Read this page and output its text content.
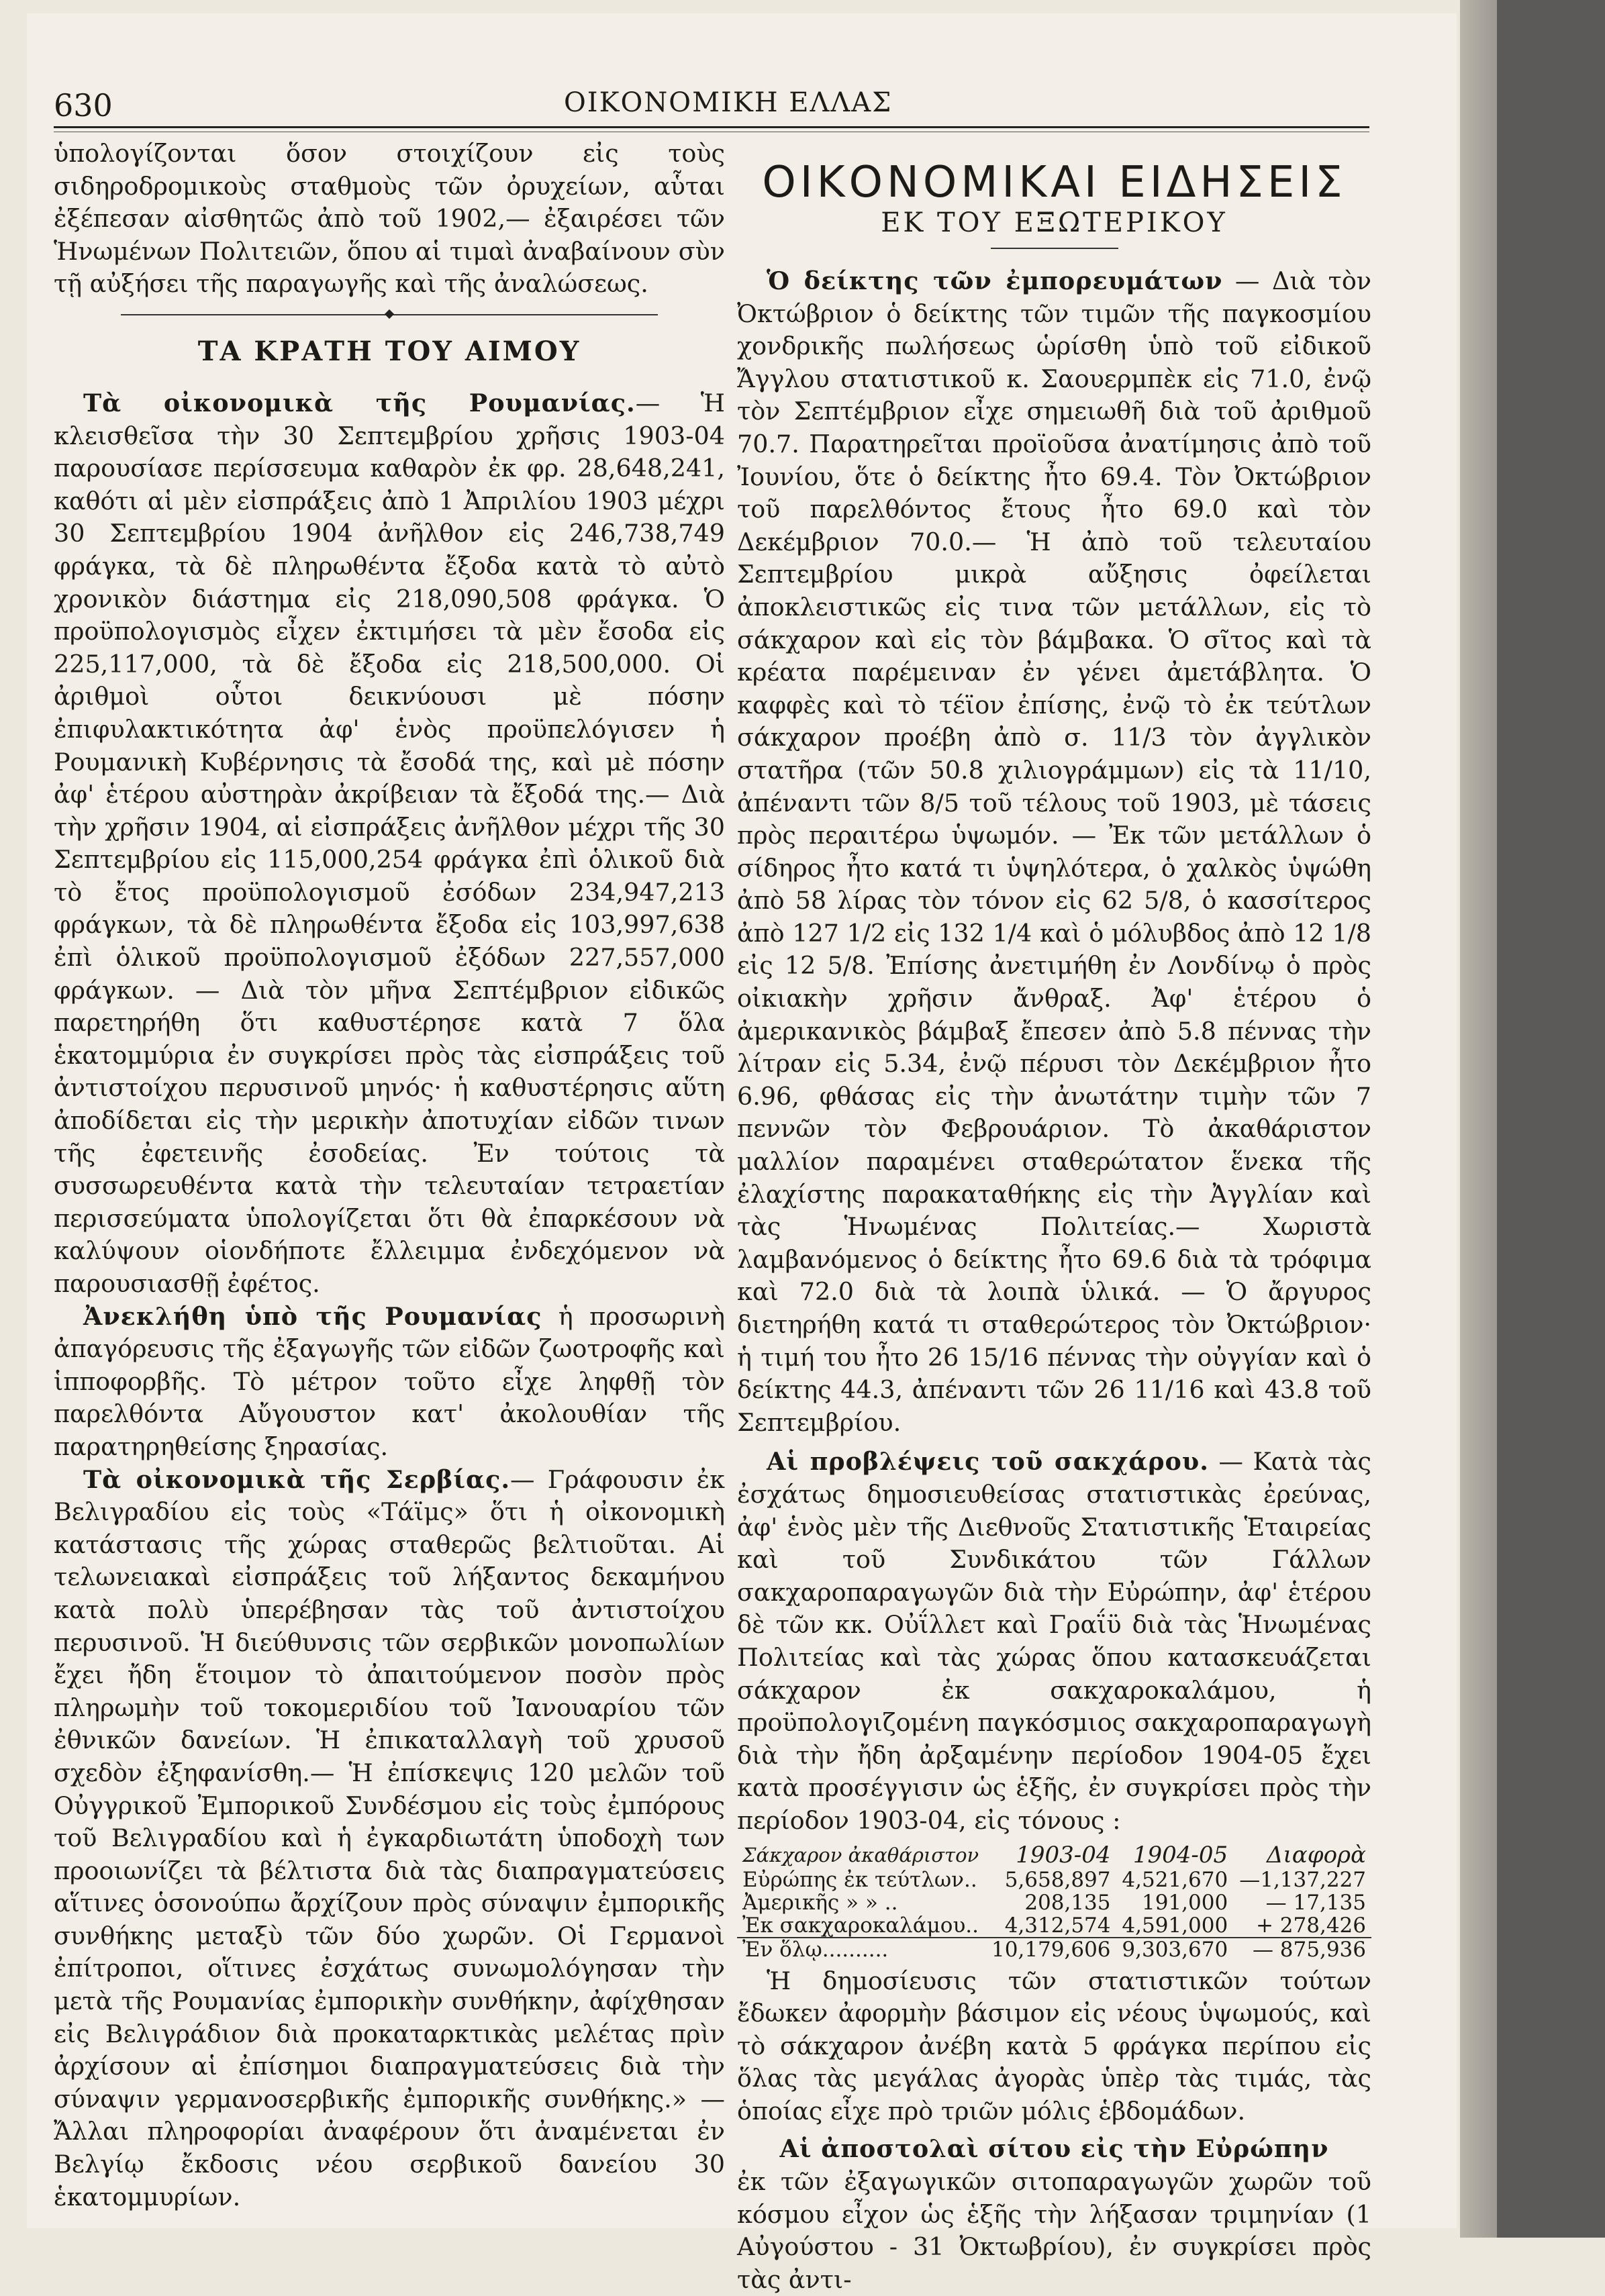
630	ΟΙΚΟΝΟΜΙΚΗ ΕΛΛΑΣ

ὑπολογίζονται ὅσον στοιχίζουν εἰς τοὺς σιδηροδρομικοὺς σταθμοὺς τῶν ὀρυχείων, αὗται ἐξέπεσαν αἰσθητῶς ἀπὸ τοῦ 1902,— ἐξαιρέσει τῶν Ἡνωμένων Πολιτειῶν, ὅπου αἱ τιμαὶ ἀναβαίνουν σὺν τῇ αὐξήσει τῆς παραγωγῆς καὶ τῆς ἀναλώσεως.

ΤΑ ΚΡΑΤΗ ΤΟΥ ΑΙΜΟΥ

Τὰ οἰκονομικὰ τῆς Ρουμανίας.— Ἡ κλεισθεῖσα τὴν 30 Σεπτεμβρίου χρῆσις 1903-04 παρουσίασε περίσσευμα καθαρὸν ἐκ φρ. 28,648,241, καθότι αἱ μὲν εἰσπράξεις ἀπὸ 1 Ἀπριλίου 1903 μέχρι 30 Σεπτεμβρίου 1904 ἀνῆλθον εἰς 246,738,749 φράγκα, τὰ δὲ πληρωθέντα ἔξοδα κατὰ τὸ αὐτὸ χρονικὸν διάστημα εἰς 218,090,508 φράγκα. Ὁ προϋπολογισμὸς εἶχεν ἐκτιμήσει τὰ μὲν ἔσοδα εἰς 225,117,000, τὰ δὲ ἔξοδα εἰς 218,500,000. Οἱ ἀριθμοὶ οὗτοι δεικνύουσι μὲ πόσην ἐπιφυλακτικότητα ἀφ' ἑνὸς προϋπελόγισεν ἡ Ρουμανικὴ Κυβέρνησις τὰ ἔσοδά της, καὶ μὲ πόσην ἀφ' ἑτέρου αὐστηρὰν ἀκρίβειαν τὰ ἔξοδά της.— Διὰ τὴν χρῆσιν 1904, αἱ εἰσπράξεις ἀνῆλθον μέχρι τῆς 30 Σεπτεμβρίου εἰς 115,000,254 φράγκα ἐπὶ ὁλικοῦ διὰ τὸ ἔτος προϋπολογισμοῦ ἐσόδων 234,947,213 φράγκων, τὰ δὲ πληρωθέντα ἔξοδα εἰς 103,997,638 ἐπὶ ὁλικοῦ προϋπολογισμοῦ ἐξόδων 227,557,000 φράγκων. — Διὰ τὸν μῆνα Σεπτέμβριον εἰδικῶς παρετηρήθη ὅτι καθυστέρησε κατὰ 7 ὅλα ἑκατομμύρια ἐν συγκρίσει πρὸς τὰς εἰσπράξεις τοῦ ἀντιστοίχου περυσινοῦ μηνός· ἡ καθυστέρησις αὕτη ἀποδίδεται εἰς τὴν μερικὴν ἀποτυχίαν εἰδῶν τινων τῆς ἐφετεινῆς ἐσοδείας. Ἐν τούτοις τὰ συσσωρευθέντα κατὰ τὴν τελευταίαν τετραετίαν περισσεύματα ὑπολογίζεται ὅτι θὰ ἐπαρκέσουν νὰ καλύψουν οἱονδήποτε ἔλλειμμα ἐνδεχόμενον νὰ παρουσιασθῇ ἐφέτος.

Ἀνεκλήθη ὑπὸ τῆς Ρουμανίας ἡ προσωρινὴ ἀπαγόρευσις τῆς ἐξαγωγῆς τῶν εἰδῶν ζωοτροφῆς καὶ ἱπποφορβῆς. Τὸ μέτρον τοῦτο εἶχε ληφθῇ τὸν παρελθόντα Αὔγουστον κατ' ἀκολουθίαν τῆς παρατηρηθείσης ξηρασίας.

Τὰ οἰκονομικὰ τῆς Σερβίας.— Γράφουσιν ἐκ Βελιγραδίου εἰς τοὺς «Τάϊμς» ὅτι ἡ οἰκονομικὴ κατάστασις τῆς χώρας σταθερῶς βελτιοῦται. Αἱ τελωνειακαὶ εἰσπράξεις τοῦ λήξαντος δεκαμήνου κατὰ πολὺ ὑπερέβησαν τὰς τοῦ ἀντιστοίχου περυσινοῦ. Ἡ διεύθυνσις τῶν σερβικῶν μονοπωλίων ἔχει ἤδη ἕτοιμον τὸ ἀπαιτούμενον ποσὸν πρὸς πληρωμὴν τοῦ τοκομεριδίου τοῦ Ἰανουαρίου τῶν ἐθνικῶν δανείων. Ἡ ἐπικαταλλαγὴ τοῦ χρυσοῦ σχεδὸν ἐξηφανίσθη.— Ἡ ἐπίσκεψις 120 μελῶν τοῦ Οὐγγρικοῦ Ἐμπορικοῦ Συνδέσμου εἰς τοὺς ἐμπόρους τοῦ Βελιγραδίου καὶ ἡ ἐγκαρδιωτάτη ὑποδοχὴ των προοιωνίζει τὰ βέλτιστα διὰ τὰς διαπραγματεύσεις αἵτινες ὁσονούπω ἄρχίζουν πρὸς σύναψιν ἐμπορικῆς συνθήκης μεταξὺ τῶν δύο χωρῶν. Οἱ Γερμανοὶ ἐπίτροποι, οἵτινες ἐσχάτως συνωμολόγησαν τὴν μετὰ τῆς Ρουμανίας ἐμπορικὴν συνθήκην, ἀφίχθησαν εἰς Βελιγράδιον διὰ προκαταρκτικὰς μελέτας πρὶν ἀρχίσουν αἱ ἐπίσημοι διαπραγματεύσεις διὰ τὴν σύναψιν γερμανοσερβικῆς ἐμπορικῆς συνθήκης.» — Ἄλλαι πληροφορίαι ἀναφέρουν ὅτι ἀναμένεται ἐν Βελγίῳ ἔκδοσις νέου σερβικοῦ δανείου 30 ἑκατομμυρίων.

ΟΙΚΟΝΟΜΙΚΑΙ ΕΙΔΗΣΕΙΣ

ΕΚ ΤΟΥ ΕΞΩΤΕΡΙΚΟΥ

Ὁ δείκτης τῶν ἐμπορευμάτων — Διὰ τὸν Ὀκτώβριον ὁ δείκτης τῶν τιμῶν τῆς παγκοσμίου χονδρικῆς πωλήσεως ὡρίσθη ὑπὸ τοῦ εἰδικοῦ Ἄγγλου στατιστικοῦ κ. Σαουερμπὲκ εἰς 71.0, ἐνῷ τὸν Σεπτέμβριον εἶχε σημειωθῆ διὰ τοῦ ἀριθμοῦ 70.7. Παρατηρεῖται προϊοῦσα ἀνατίμησις ἀπὸ τοῦ Ἰουνίου, ὅτε ὁ δείκτης ἦτο 69.4. Τὸν Ὀκτώβριον τοῦ παρελθόντος ἔτους ἦτο 69.0 καὶ τὸν Δεκέμβριον 70.0.— Ἡ ἀπὸ τοῦ τελευταίου Σεπτεμβρίου μικρὰ αὔξησις ὀφείλεται ἀποκλειστικῶς εἰς τινα τῶν μετάλλων, εἰς τὸ σάκχαρον καὶ εἰς τὸν βάμβακα. Ὁ σῖτος καὶ τὰ κρέατα παρέμειναν ἐν γένει ἀμετάβλητα. Ὁ καφφὲς καὶ τὸ τέϊον ἐπίσης, ἐνῷ τὸ ἐκ τεύτλων σάκχαρον προέβη ἀπὸ σ. 11/3 τὸν ἀγγλικὸν στατῆρα (τῶν 50.8 χιλιογράμμων) εἰς τὰ 11/10, ἀπέναντι τῶν 8/5 τοῦ τέλους τοῦ 1903, μὲ τάσεις πρὸς περαιτέρω ὑψωμόν. — Ἐκ τῶν μετάλλων ὁ σίδηρος ἦτο κατά τι ὑψηλότερα, ὁ χαλκὸς ὑψώθη ἀπὸ 58 λίρας τὸν τόνον εἰς 62 5/8, ὁ κασσίτερος ἀπὸ 127 1/2 εἰς 132 1/4 καὶ ὁ μόλυβδος ἀπὸ 12 1/8 εἰς 12 5/8. Ἐπίσης ἀνετιμήθη ἐν Λονδίνῳ ὁ πρὸς οἰκιακὴν χρῆσιν ἄνθραξ. Ἀφ' ἑτέρου ὁ ἀμερικανικὸς βάμβαξ ἔπεσεν ἀπὸ 5.8 πέννας τὴν λίτραν εἰς 5.34, ἐνῷ πέρυσι τὸν Δεκέμβριον ἦτο 6.96, φθάσας εἰς τὴν ἀνωτάτην τιμὴν τῶν 7 πεννῶν τὸν Φεβρουάριον. Τὸ ἀκαθάριστον μαλλίον παραμένει σταθερώτατον ἕνεκα τῆς ἐλαχίστης παρακαταθήκης εἰς τὴν Ἀγγλίαν καὶ τὰς Ἡνωμένας Πολιτείας.— Χωριστὰ λαμβανόμενος ὁ δείκτης ἦτο 69.6 διὰ τὰ τρόφιμα καὶ 72.0 διὰ τὰ λοιπὰ ὑλικά. — Ὁ ἄργυρος διετηρήθη κατά τι σταθερώτερος τὸν Ὀκτώβριον· ἡ τιμή του ἦτο 26 15/16 πέννας τὴν οὐγγίαν καὶ ὁ δείκτης 44.3, ἀπέναντι τῶν 26 11/16 καὶ 43.8 τοῦ Σεπτεμβρίου.

Αἱ προβλέψεις τοῦ σακχάρου. — Κατὰ τὰς ἐσχάτως δημοσιευθείσας στατιστικὰς ἐρεύνας, ἀφ' ἑνὸς μὲν τῆς Διεθνοῦς Στατιστικῆς Ἑταιρείας καὶ τοῦ Συνδικάτου τῶν Γάλλων σακχαροπαραγωγῶν διὰ τὴν Εὐρώπην, ἀφ' ἑτέρου δὲ τῶν κκ. Οὐΐλλετ καὶ Γραΐϋ διὰ τὰς Ἡνωμένας Πολιτείας καὶ τὰς χώρας ὅπου κατασκευάζεται σάκχαρον ἐκ σακχαροκαλάμου, ἡ προϋπολογιζομένη παγκόσμιος σακχαροπαραγωγὴ διὰ τὴν ἤδη ἀρξαμένην περίοδον 1904-05 ἔχει κατὰ προσέγγισιν ὡς ἑξῆς, ἐν συγκρίσει πρὸς τὴν περίοδον 1903-04, εἰς τόνους :

Σάκχαρον ἀκαθάριστον	1903-04	1904-05	Διαφορὰ
Εὐρώπης ἐκ τεύτλων..	5,658,897	4,521,670	—1,137,227
Ἀμερικῆς » » ..	208,135	191,000	— 17,135
Ἐκ σακχαροκαλάμου..	4,312,574	4,591,000	+ 278,426
Ἐν ὅλῳ..........	10,179,606	9,303,670	— 875,936

Ἡ δημοσίευσις τῶν στατιστικῶν τούτων ἔδωκεν ἀφορμὴν βάσιμον εἰς νέους ὑψωμούς, καὶ τὸ σάκχαρον ἀνέβη κατὰ 5 φράγκα περίπου εἰς ὅλας τὰς μεγάλας ἀγορὰς ὑπὲρ τὰς τιμάς, τὰς ὁποίας εἶχε πρὸ τριῶν μόλις ἑβδομάδων.

Αἱ ἀποστολαὶ σίτου εἰς τὴν Εὐρώπην

ἐκ τῶν ἐξαγωγικῶν σιτοπαραγωγῶν χωρῶν τοῦ κόσμου εἶχον ὡς ἑξῆς τὴν λήξασαν τριμηνίαν (1 Αὐγούστου - 31 Ὀκτωβρίου), ἐν συγκρίσει πρὸς τὰς ἀντι-
